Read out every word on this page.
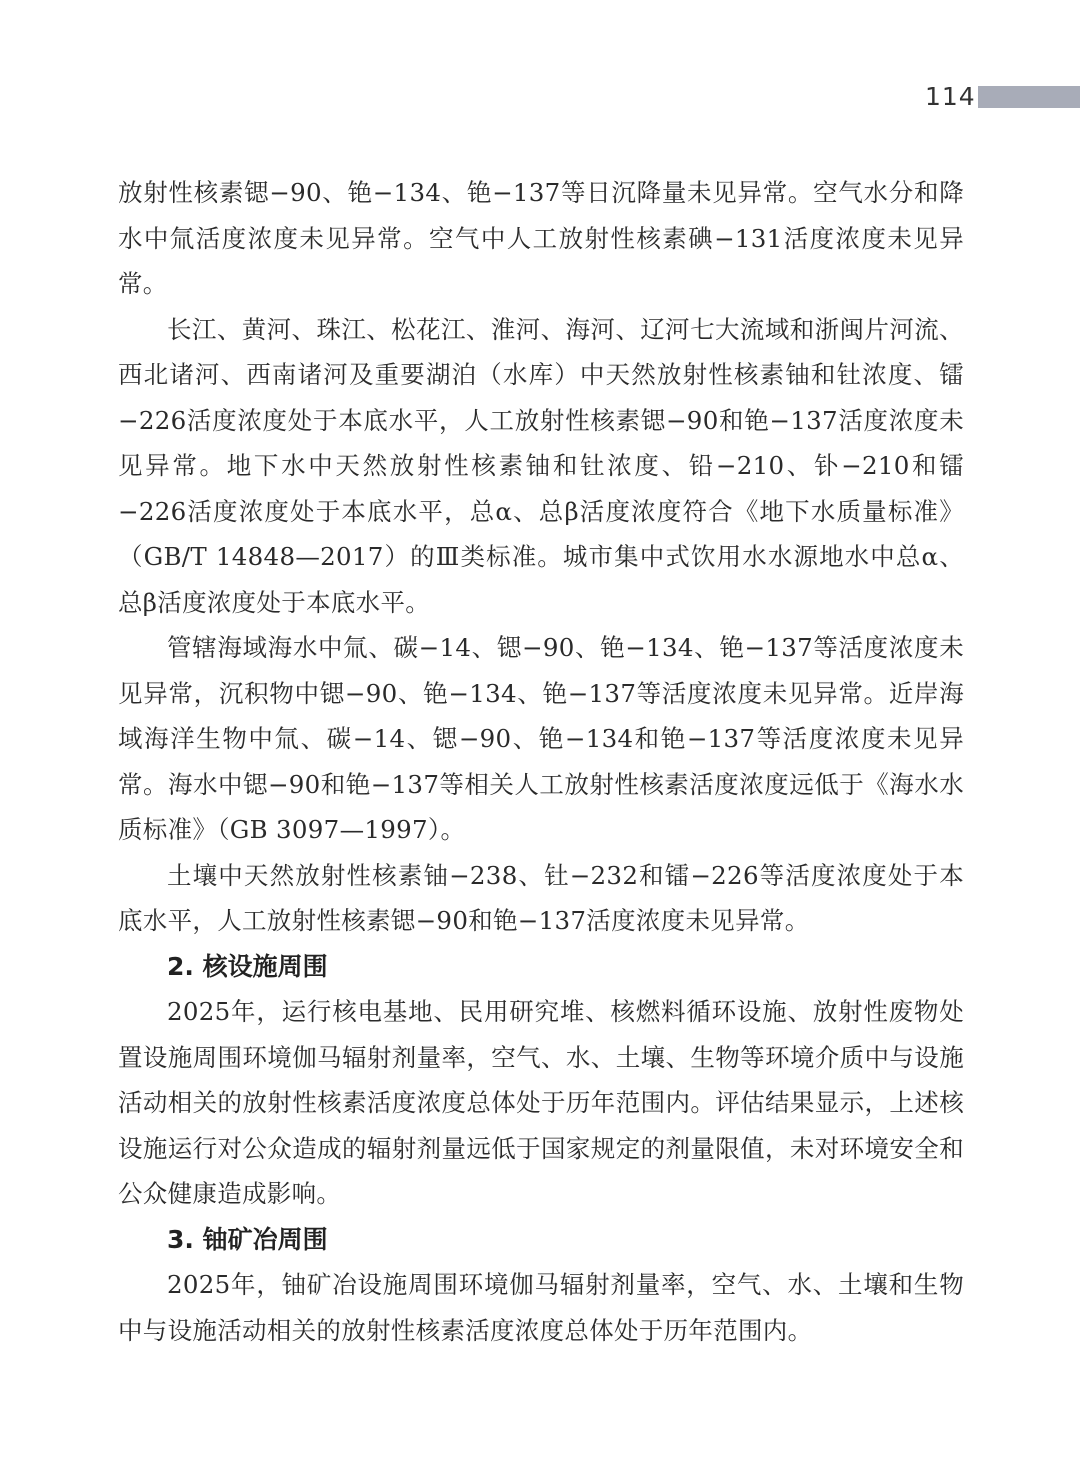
114

放射性核素锶−90、铯−134、铯−137等日沉降量未见异常。空气水分和降水中氚活度浓度未见异常。空气中人工放射性核素碘−131活度浓度未见异常。

长江、黄河、珠江、松花江、淮河、海河、辽河七大流域和浙闽片河流、西北诸河、西南诸河及重要湖泊（水库）中天然放射性核素铀和钍浓度、镭−226活度浓度处于本底水平，人工放射性核素锶−90和铯−137活度浓度未见异常。地下水中天然放射性核素铀和钍浓度、铅−210、钋−210和镭−226活度浓度处于本底水平，总α、总β活度浓度符合《地下水质量标准》（GB/T 14848—2017）的Ⅲ类标准。城市集中式饮用水水源地水中总α、总β活度浓度处于本底水平。

管辖海域海水中氚、碳−14、锶−90、铯−134、铯−137等活度浓度未见异常，沉积物中锶−90、铯−134、铯−137等活度浓度未见异常。近岸海域海洋生物中氚、碳−14、锶−90、铯−134和铯−137等活度浓度未见异常。海水中锶−90和铯−137等相关人工放射性核素活度浓度远低于《海水水质标准》（GB 3097—1997）。

土壤中天然放射性核素铀−238、钍−232和镭−226等活度浓度处于本底水平，人工放射性核素锶−90和铯−137活度浓度未见异常。

2. 核设施周围

2025年，运行核电基地、民用研究堆、核燃料循环设施、放射性废物处置设施周围环境伽马辐射剂量率，空气、水、土壤、生物等环境介质中与设施活动相关的放射性核素活度浓度总体处于历年范围内。评估结果显示，上述核设施运行对公众造成的辐射剂量远低于国家规定的剂量限值，未对环境安全和公众健康造成影响。

3. 铀矿冶周围

2025年，铀矿冶设施周围环境伽马辐射剂量率，空气、水、土壤和生物中与设施活动相关的放射性核素活度浓度总体处于历年范围内。
